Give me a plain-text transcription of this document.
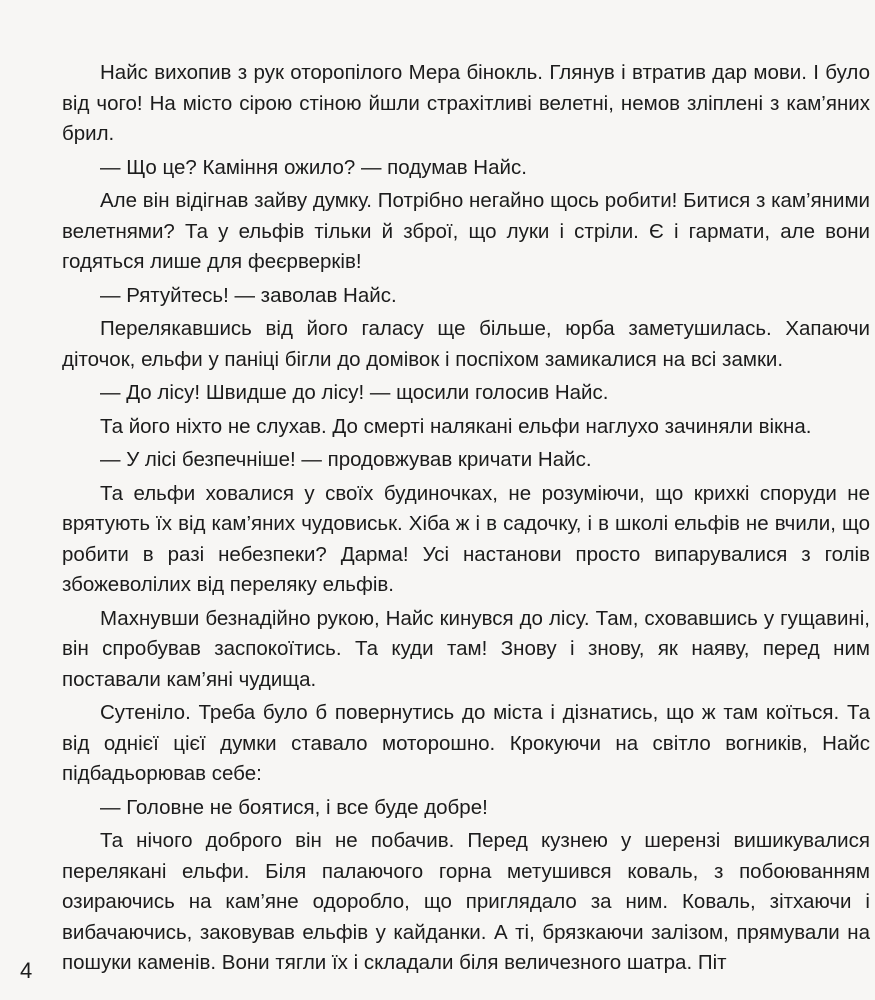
Найс вихопив з рук оторопілого Мера бінокль. Глянув і втратив дар мови. І було від чого! На місто сірою стіною йшли страхітливі велетні, немов зліплені з кам’яних брил.

— Що це? Каміння ожило? — подумав Найс.

Але він відігнав зайву думку. Потрібно негайно щось робити! Битися з кам’яними велетнями? Та у ельфів тільки й зброї, що луки і стріли. Є і гармати, але вони годяться лише для феєрверків!

— Рятуйтесь! — заволав Найс.

Перелякавшись від його галасу ще більше, юрба заметушилась. Хапаючи діточок, ельфи у паніці бігли до домівок і поспіхом замикалися на всі замки.

— До лісу! Швидше до лісу! — щосили голосив Найс.

Та його ніхто не слухав. До смерті налякані ельфи наглухо зачиняли вікна.

— У лісі безпечніше! — продовжував кричати Найс.

Та ельфи ховалися у своїх будиночках, не розуміючи, що крихкі споруди не врятують їх від кам’яних чудовиськ. Хіба ж і в садочку, і в школі ельфів не вчили, що робити в разі небезпеки? Дарма! Усі настанови просто випарувалися з голів збожеволілих від переляку ельфів.

Махнувши безнадійно рукою, Найс кинувся до лісу. Там, сховавшись у гущавині, він спробував заспокоїтись. Та куди там! Знову і знову, як наяву, перед ним поставали кам’яні чудища.

Сутеніло. Треба було б повернутись до міста і дізнатись, що ж там коїться. Та від однієї цієї думки ставало моторошно. Крокуючи на світло вогників, Найс підбадьорював себе:

— Головне не боятися, і все буде добре!

Та нічого доброго він не побачив. Перед кузнею у шерензі вишикувалися перелякані ельфи. Біля палаючого горна метушився коваль, з побоюванням озираючись на кам’яне одоробло, що приглядало за ним. Коваль, зітхаючи і вибачаючись, заковував ельфів у кайданки. А ті, брязкаючи залізом, прямували на пошуки каменів. Вони тягли їх і складали біля величезного шатра. Піт

4
